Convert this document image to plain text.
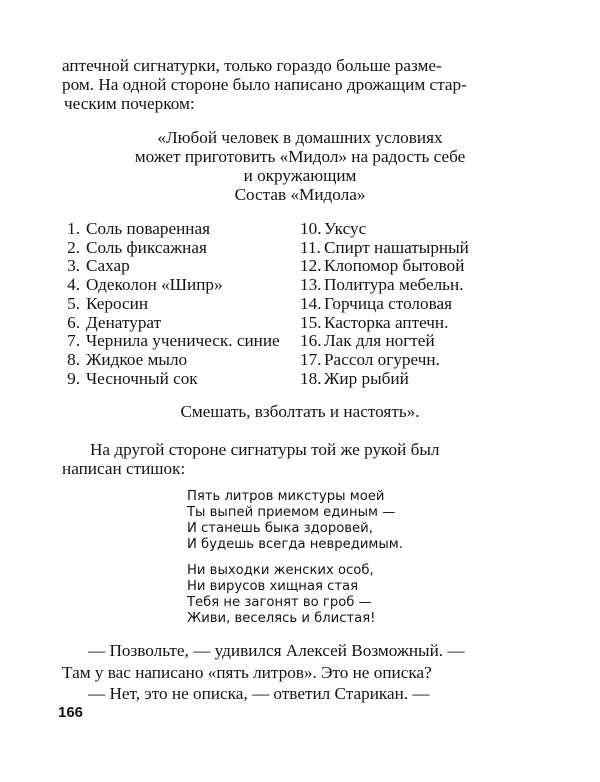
аптечной сигнатурки, только гораздо больше разме-
ром. На одной стороне было написано дрожащим стар-
ческим почерком:
«Любой человек в домашних условиях
может приготовить «Мидол» на радость себе
и окружающим
Состав «Мидола»
1. Соль поваренная
2. Соль фиксажная
3. Сахар
4. Одеколон «Шипр»
5. Керосин
6. Денатурат
7. Чернила ученическ. синие
8. Жидкое мыло
9. Чесночный сок
10. Уксус
11. Спирт нашатырный
12. Клопомор бытовой
13. Политура мебельн.
14. Горчица столовая
15. Касторка аптечн.
16. Лак для ногтей
17. Рассол огуречн.
18. Жир рыбий
Смешать, взболтать и настоять».
На другой стороне сигнатуры той же рукой был
написан стишок:
Пять литров микстуры моей
Ты выпей приемом единым —
И станешь быка здоровей,
И будешь всегда невредимым.
Ни выходки женских особ,
Ни вирусов хищная стая
Тебя не загонят во гроб —
Живи, веселясь и блистая!
— Позвольте, — удивился Алексей Возможный. —
Там у вас написано «пять литров». Это не описка?
— Нет, это не описка, — ответил Старикан. —
166
